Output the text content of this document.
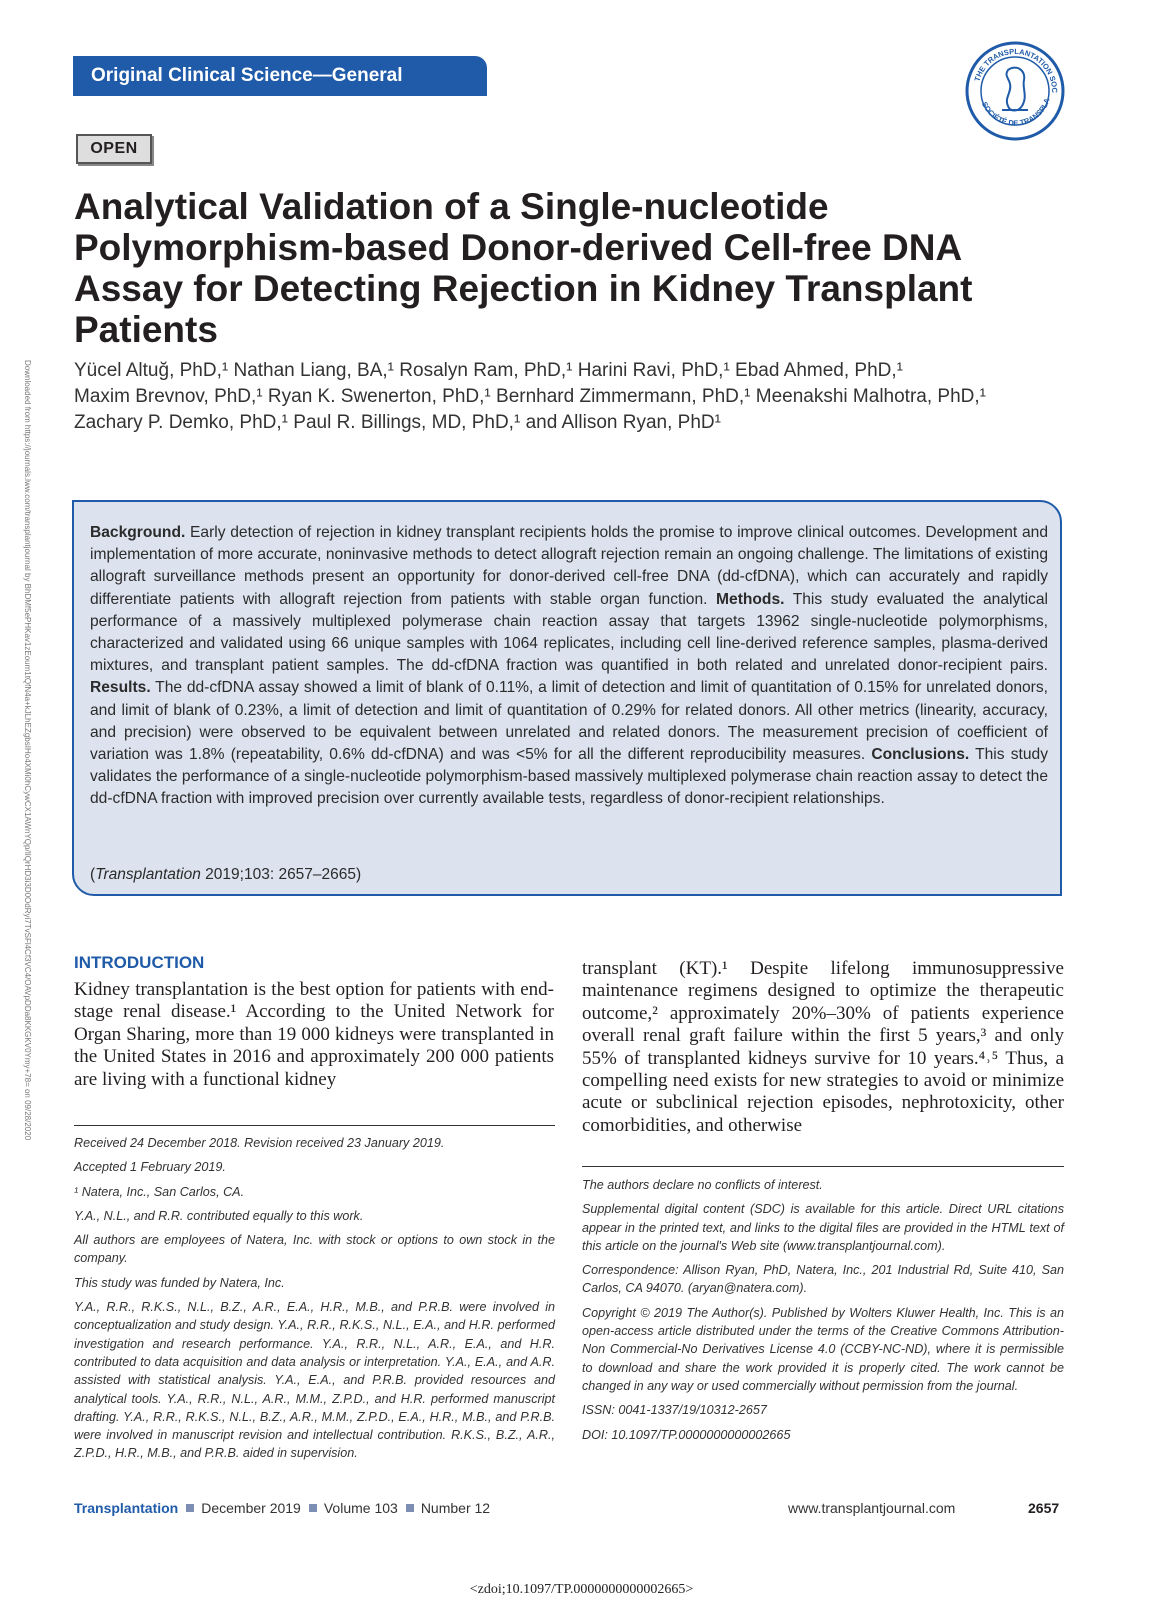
Original Clinical Science—General
OPEN
THE TRANSPLANTATION SOC
SOCIÉTÉ DE TRANSPLA
Downloaded from https://journals.lww.com/transplantjournal by BhDMf5ePHKav1zEoum1tQfN4a+kJLhEZgbsIHo4XMi0hCywCX1AWnYQp/IlQrHD3i3D0OdRyi7TvSFl4Cf3VC4/OAVpDDa8KKGKV0Ymy+78= on 09/28/2020
Analytical Validation of a Single-nucleotide Polymorphism-based Donor-derived Cell-free DNA Assay for Detecting Rejection in Kidney Transplant Patients
Yücel Altuğ, PhD,¹ Nathan Liang, BA,¹ Rosalyn Ram, PhD,¹ Harini Ravi, PhD,¹ Ebad Ahmed, PhD,¹
Maxim Brevnov, PhD,¹ Ryan K. Swenerton, PhD,¹ Bernhard Zimmermann, PhD,¹ Meenakshi Malhotra, PhD,¹
Zachary P. Demko, PhD,¹ Paul R. Billings, MD, PhD,¹ and Allison Ryan, PhD¹

Background. Early detection of rejection in kidney transplant recipients holds the promise to improve clinical outcomes. Development and implementation of more accurate, noninvasive methods to detect allograft rejection remain an ongoing challenge. The limitations of existing allograft surveillance methods present an opportunity for donor-derived cell-free DNA (dd-cfDNA), which can accurately and rapidly differentiate patients with allograft rejection from patients with stable organ function. Methods. This study evaluated the analytical performance of a massively multiplexed polymerase chain reaction assay that targets 13962 single-nucleotide polymorphisms, characterized and validated using 66 unique samples with 1064 replicates, including cell line-derived reference samples, plasma-derived mixtures, and transplant patient samples. The dd-cfDNA fraction was quantified in both related and unrelated donor-recipient pairs. Results. The dd-cfDNA assay showed a limit of blank of 0.11%, a limit of detection and limit of quantitation of 0.15% for unrelated donors, and limit of blank of 0.23%, a limit of detection and limit of quantitation of 0.29% for related donors. All other metrics (linearity, accuracy, and precision) were observed to be equivalent between unrelated and related donors. The measurement precision of coefficient of variation was 1.8% (repeatability, 0.6% dd-cfDNA) and was <5% for all the different reproducibility measures. Conclusions. This study validates the performance of a single-nucleotide polymorphism-based massively multiplexed polymerase chain reaction assay to detect the dd-cfDNA fraction with improved precision over currently available tests, regardless of donor-recipient relationships.

(Transplantation 2019;103: 2657–2665)
INTRODUCTION

Kidney transplantation is the best option for patients with end-stage renal disease.¹ According to the United Network for Organ Sharing, more than 19 000 kidneys were transplanted in the United States in 2016 and approximately 200 000 patients are living with a functional kidney

transplant (KT).¹ Despite lifelong immunosuppressive maintenance regimens designed to optimize the therapeutic outcome,² approximately 20%–30% of patients experience overall renal graft failure within the first 5 years,³ and only 55% of transplanted kidneys survive for 10 years.⁴˒⁵ Thus, a compelling need exists for new strategies to avoid or minimize acute or subclinical rejection episodes, nephrotoxicity, other comorbidities, and otherwise

Received 24 December 2018. Revision received 23 January 2019.

Accepted 1 February 2019.

¹ Natera, Inc., San Carlos, CA.

Y.A., N.L., and R.R. contributed equally to this work.

All authors are employees of Natera, Inc. with stock or options to own stock in the company.

This study was funded by Natera, Inc.

Y.A., R.R., R.K.S., N.L., B.Z., A.R., E.A., H.R., M.B., and P.R.B. were involved in conceptualization and study design. Y.A., R.R., R.K.S., N.L., E.A., and H.R. performed investigation and research performance. Y.A., R.R., N.L., A.R., E.A., and H.R. contributed to data acquisition and data analysis or interpretation. Y.A., E.A., and A.R. assisted with statistical analysis. Y.A., E.A., and P.R.B. provided resources and analytical tools. Y.A., R.R., N.L., A.R., M.M., Z.P.D., and H.R. performed manuscript drafting. Y.A., R.R., R.K.S., N.L., B.Z., A.R., M.M., Z.P.D., E.A., H.R., M.B., and P.R.B. were involved in manuscript revision and intellectual contribution. R.K.S., B.Z., A.R., Z.P.D., H.R., M.B., and P.R.B. aided in supervision.

The authors declare no conflicts of interest.

Supplemental digital content (SDC) is available for this article. Direct URL citations appear in the printed text, and links to the digital files are provided in the HTML text of this article on the journal's Web site (www.transplantjournal.com).

Correspondence: Allison Ryan, PhD, Natera, Inc., 201 Industrial Rd, Suite 410, San Carlos, CA 94070. (aryan@natera.com).

Copyright © 2019 The Author(s). Published by Wolters Kluwer Health, Inc. This is an open-access article distributed under the terms of the Creative Commons Attribution-Non Commercial-No Derivatives License 4.0 (CCBY-NC-ND), where it is permissible to download and share the work provided it is properly cited. The work cannot be changed in any way or used commercially without permission from the journal.

ISSN: 0041-1337/19/10312-2657

DOI: 10.1097/TP.0000000000002665

Transplantation December 2019 Volume 103 Number 12	www.transplantjournal.com	2657
<zdoi;10.1097/TP.0000000000002665>
